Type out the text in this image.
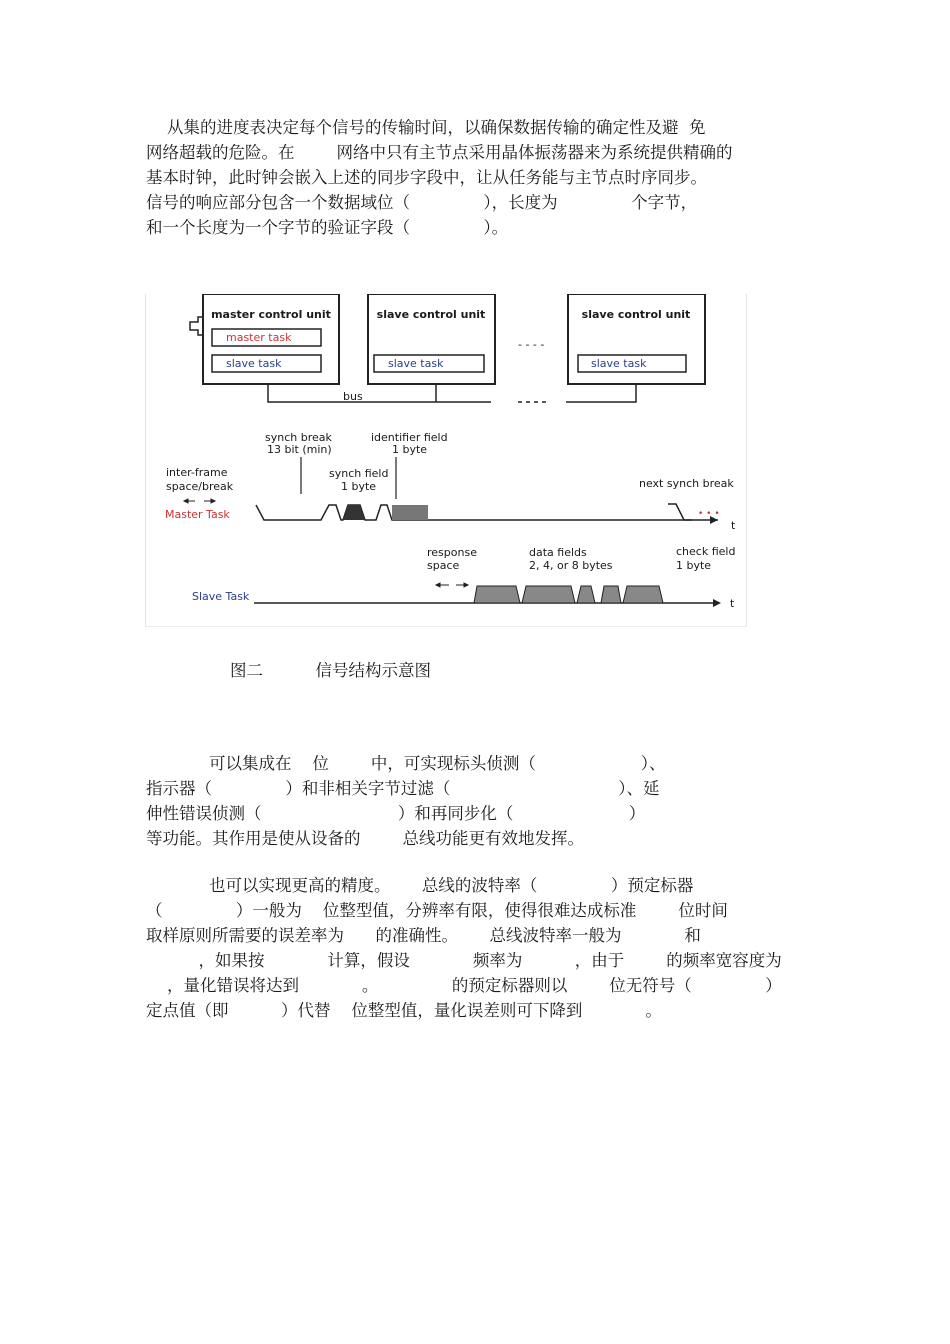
从集的进度表决定每个信号的传输时间，以确保数据传输的确定性及避  免
网络超载的危险。在        网络中只有主节点采用晶体振荡器来为系统提供精确的
基本时钟，此时钟会嵌入上述的同步字段中，让从任务能与主节点时序同步。
信号的响应部分包含一个数据域位（              ），长度为              个字节，
和一个长度为一个字节的验证字段（              ）。
master control unit
master task
slave task
slave control unit
slave task
- - - -
slave control unit
slave task
bus
synch break
13 bit (min)
identifier field
1 byte
inter-frame
space/break
synch field
1 byte	next synch break
Master Task
t
• • •
response
space
data fields
2, 4, or 8 bytes
check field
1 byte
Slave Task
t
图二          信号结构示意图
可以集成在    位        中，可实现标头侦测（                    ）、
指示器（              ）和非相关字节过滤（                                ）、延
伸性错误侦测（                          ）和再同步化（                      ）
等功能。其作用是使从设备的        总线功能更有效地发挥。
也可以实现更高的精度。      总线的波特率（              ）预定标器
（              ）一般为    位整型值，分辨率有限，使得很难达成标准        位时间
取样原则所需要的误差率为      的准确性。      总线波特率一般为            和
，如果按            计算，假设            频率为          ，由于        的频率宽容度为
，量化错误将达到            。              的预定标器则以        位无符号（              ）
定点值（即          ）代替    位整型值，量化误差则可下降到            。
